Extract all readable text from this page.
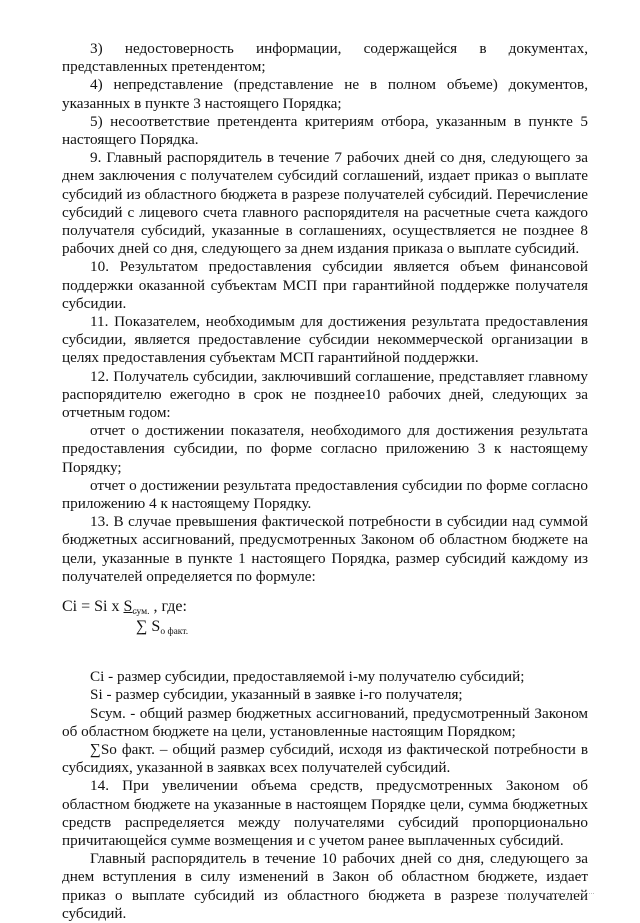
3) недостоверность информации, содержащейся в документах, представленных претендентом;

4) непредставление (представление не в полном объеме) документов, указанных в пункте 3 настоящего Порядка;

5) несоответствие претендента критериям отбора, указанным в пункте 5 настоящего Порядка.

9. Главный распорядитель в течение 7 рабочих дней со дня, следующего за днем заключения с получателем субсидий соглашений, издает приказ о выплате субсидий из областного бюджета в разрезе получателей субсидий. Перечисление субсидий с лицевого счета главного распорядителя на расчетные счета каждого получателя субсидий, указанные в соглашениях, осуществляется не позднее 8 рабочих дней со дня, следующего за днем издания приказа о выплате субсидий.

10. Результатом предоставления субсидии является объем финансовой поддержки оказанной субъектам МСП при гарантийной поддержке получателя субсидии.

11. Показателем, необходимым для достижения результата предоставления субсидии, является предоставление субсидии некоммерческой организации в целях предоставления субъектам МСП гарантийной поддержки.

12. Получатель субсидии, заключивший соглашение, представляет главному распорядителю ежегодно в срок не позднее10 рабочих дней, следующих за отчетным годом:

отчет о достижении показателя, необходимого для достижения результата предоставления субсидии, по форме согласно приложению 3 к настоящему Порядку;

отчет о достижении результата предоставления субсидии по форме согласно приложению 4 к настоящему Порядку.

13. В случае превышения фактической потребности в субсидии над суммой бюджетных ассигнований, предусмотренных Законом об областном бюджете на цели, указанные в пункте 1 настоящего Порядка, размер субсидий каждому из получателей определяется по формуле:

Ci = Si x $S_{сум.}$ , где:
∑ $S_{о факт.}$

Ci - размер субсидии, предоставляемой i-му получателю субсидий;

Si - размер субсидии, указанный в заявке i-го получателя;

Sсум. - общий размер бюджетных ассигнований, предусмотренный Законом об областном бюджете на цели, установленные настоящим Порядком;

∑So факт. – общий размер субсидий, исходя из фактической потребности в субсидиях, указанной в заявках всех получателей субсидий.

14. При увеличении объема средств, предусмотренных Законом об областном бюджете на указанные в настоящем Порядке цели, сумма бюджетных средств распределяется между получателями субсидий пропорционально причитающейся сумме возмещения и с учетом ранее выплаченных субсидий.

Главный распорядитель в течение 10 рабочих дней со дня, следующего за днем вступления в силу изменений в Закон об областном бюджете, издает приказ о выплате субсидий из областного бюджета в разрезе получателей субсидий.
